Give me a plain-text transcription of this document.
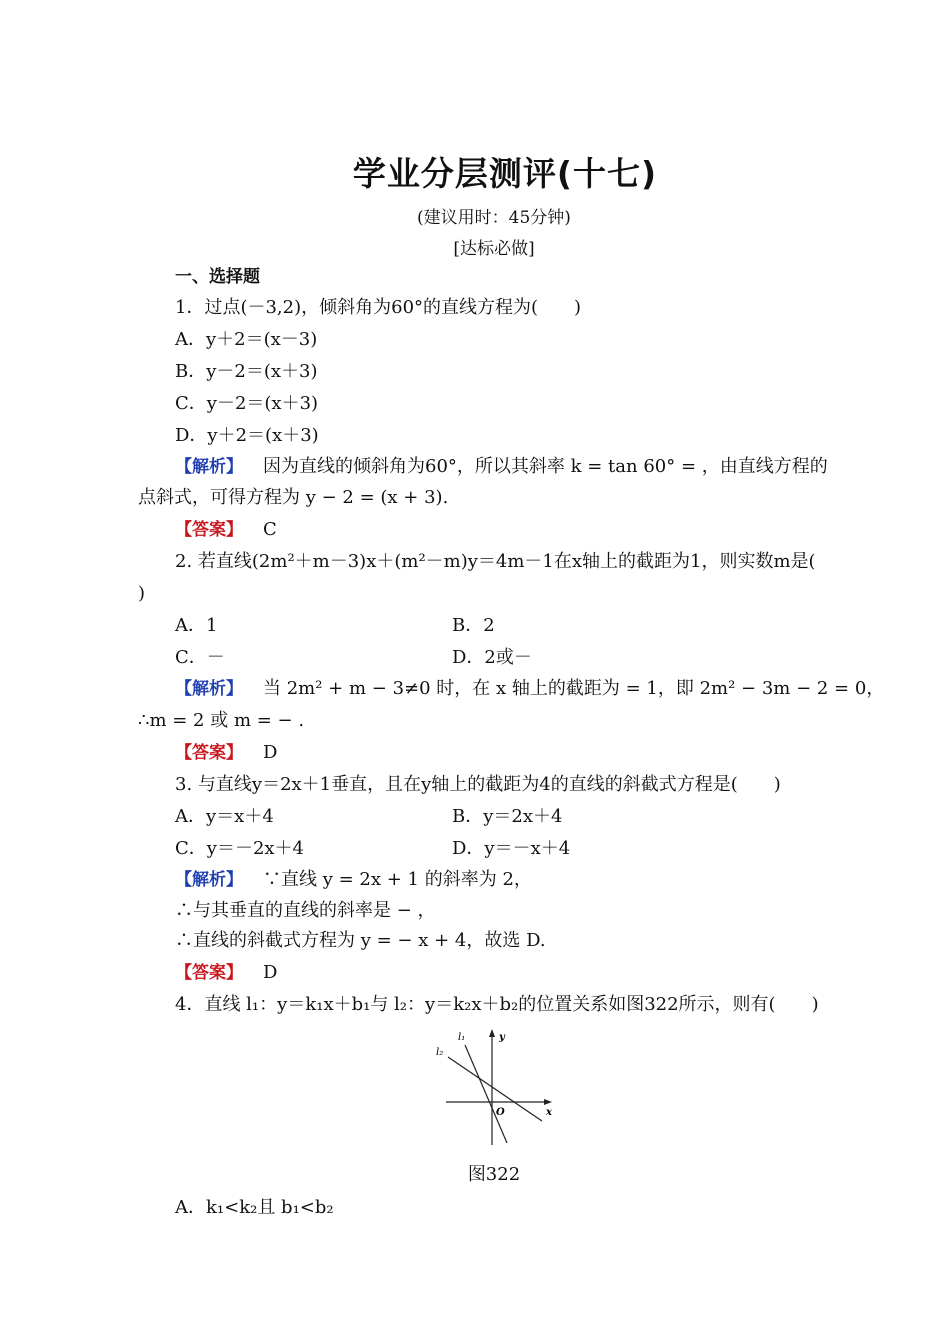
学业分层测评(十七)
(建议用时：45分钟)
[达标必做]
一、选择题
1．过点(－3,2)，倾斜角为60°的直线方程为(　　)
A．y＋2＝(x－3)
B．y－2＝(x＋3)
C．y－2＝(x＋3)
D．y＋2＝(x＋3)
【解析】 因为直线的倾斜角为60°，所以其斜率 k = tan 60° = ，由直线方程的
点斜式，可得方程为 y − 2 = (x + 3).
【答案】 C
2. 若直线(2m²＋m－3)x＋(m²－m)y＝4m－1在x轴上的截距为1，则实数m是(
)
A．1	B．2
C．－	D．2或－
【解析】 当 2m² + m − 3≠0 时，在 x 轴上的截距为 = 1，即 2m² − 3m − 2 = 0，
∴m = 2 或 m = − .
【答案】 D
3. 与直线y＝2x＋1垂直，且在y轴上的截距为4的直线的斜截式方程是(　　)
A．y＝x＋4	B．y＝2x＋4
C．y＝－2x＋4	D．y＝－x＋4
【解析】 ∵直线 y = 2x + 1 的斜率为 2，
∴与其垂直的直线的斜率是 − ，
∴直线的斜截式方程为 y = − x + 4，故选 D.
【答案】 D
4．直线 l₁：y＝k₁x＋b₁与 l₂：y＝k₂x＋b₂的位置关系如图322所示，则有(　　)
l₁
l₂
y
x
O
图322
A．k₁<k₂且 b₁<b₂
